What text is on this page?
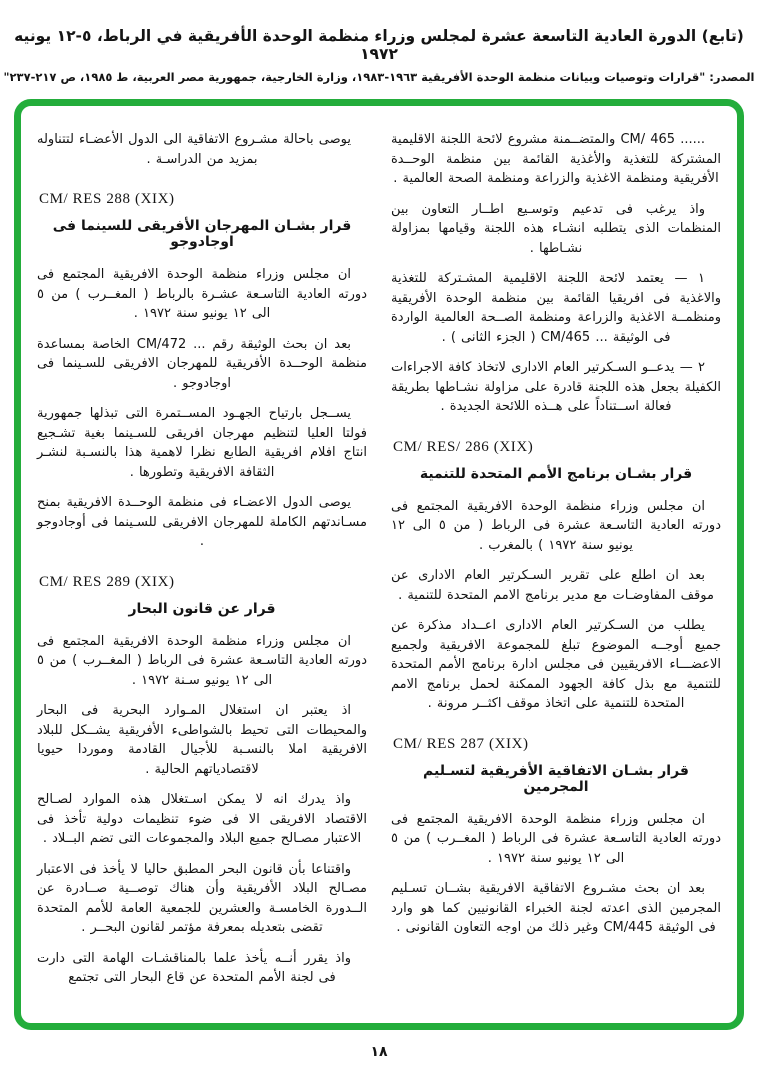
(تابع) الدورة العادية التاسعة عشرة لمجلس وزراء منظمة الوحدة الأفريقية في الرباط، ٥-١٢ يونيه ١٩٧٢
المصدر: "قرارات وتوصيات وبيانات منظمة الوحدة الأفريقية ١٩٦٣-١٩٨٣، وزارة الخارجية، جمهورية مصر العربية، ط ١٩٨٥، ص ٢١٧-٢٣٧"
...... CM/ 465 والمتضــمنة مشروع لائحة اللجنة الاقليمية المشتركة للتغذية والأغذية القائمة بين منظمة الوحــدة الأفريقية ومنظمة الاغذية والزراعة ومنظمة الصحة العالمية .
واذ يرغب فى تدعيم وتوسـيع اطــار التعاون بين المنظمات الذى يتطلبه انشـاء هذه اللجنة وقيامها بمزاولة نشـاطها .
١ — يعتمد لائحة اللجنة الاقليمية المشـتركة للتغذية والاغذية فى افريقيا القائمة بين منظمة الوحدة الأفريقية ومنظمــة الاغذية والزراعة ومنظمة الصــحة العالمية الواردة فى الوثيقة ... CM/465 ( الجزء الثانى ) .
٢ — يدعــو السـكرتير العام الادارى لاتخاذ كافة الاجراءات الكفيلة بجعل هذه اللجنة قادرة على مزاولة نشـاطها بطريقة فعالة اســتناداً على هــذه اللائحة الجديدة .
CM/ RES/ 286 (XIX)
قرار بشـان برنامج الأمم المتحدة للتنمية
ان مجلس وزراء منظمة الوحدة الافريقية المجتمع فى دورته العادية التاسـعة عشرة فى الرباط ( من ٥ الى ١٢ يونيو سنة ١٩٧٢ ) بالمغرب .
بعد ان اطلع على تقرير السـكرتير العام الادارى عن موقف المفاوضـات مع مدير برنامج الامم المتحدة للتنمية .
يطلب من السـكرتير العام الادارى اعــداد مذكرة عن جميع أوجــه الموضوع تبلغ للمجموعة الافريقية ولجميع الاعضـــاء الافريقيين فى مجلس ادارة برنامج الأمم المتحدة للتنمية مع بذل كافة الجهود الممكنة لحمل برنامج الامم المتحدة للتنمية على اتخاذ موقف اكثــر مرونة .
CM/ RES 287 (XIX)
قرار بشـان الاتفاقية الأفريقية لتسـليم المجرمين
ان مجلس وزراء منظمة الوحدة الافريقية المجتمع فى دورته العادية التاسـعة عشرة فى الرباط ( المغــرب ) من ٥ الى ١٢ يونيو سنة ١٩٧٢ .
بعد ان بحث مشـروع الاتفاقية الافريقية بشــان تسـليم المجرمين الذى اعدته لجنة الخبراء القانونيين كما هو وارد فى الوثيقة CM/445 وغير ذلك من اوجه التعاون القانونى .
يوصى باحالة مشـروع الاتفاقية الى الدول الأعضـاء لتتناوله بمزيد من الدراسـة .
CM/ RES 288 (XIX)
قرار بشـان المهرجان الأفريقى للسينما فى اوجادوجو
ان مجلس وزراء منظمة الوحدة الافريقية المجتمع فى دورته العادية التاسـعة عشـرة بالرباط ( المغــرب ) من ٥ الى ١٢ يونيو سنة ١٩٧٢ .
بعد ان بحث الوثيقة رقم ... CM/472 الخاصة بمساعدة منظمة الوحــدة الأفريقية للمهرجان الافريقى للسـينما فى اوجادوجو .
يســجل بارتياح الجهـود المســتمرة التى تبذلها جمهورية فولتا العليا لتنظيم مهرجان افريقى للسـينما بغية تشـجيع انتاج افلام افريقية الطابع نظرا لاهمية هذا بالنسـبة لنشـر الثقافة الافريقية وتطورها .
يوصى الدول الاعضـاء فى منظمة الوحــدة الافريقية بمنح مسـاندتهم الكاملة للمهرجان الافريقى للسـينما فى أوجادوجو .
CM/ RES 289 (XIX)
قرار عن قانون البحار
ان مجلس وزراء منظمة الوحدة الافريقية المجتمع فى دورته العادية التاسـعة عشرة فى الرباط ( المغــرب ) من ٥ الى ١٢ يونيو سـنة ١٩٧٢ .
اذ يعتبر ان استغلال المـوارد البحرية فى البحار والمحيطات التى تحيط بالشواطىء الأفريقية يشــكل للبلاد الافريقية املا بالنسـبة للأجيال القادمة وموردا حيويا لاقتصادياتهم الحالية .
واذ يدرك انه لا يمكن اسـتغلال هذه الموارد لصـالح الاقتصاد الافريقى الا فى ضوء تنظيمات دولية تأخذ فى الاعتبار مصـالح جميع البلاد والمجموعات التى تضم البــلاد .
واقتناعا بأن قانون البحر المطبق حاليا لا يأخذ فى الاعتبار مصـالح البلاد الأفريقية وأن هناك توصــية صــادرة عن الــدورة الخامسـة والعشرين للجمعية العامة للأمم المتحدة تقضى بتعديله بمعرفة مؤتمر لقانون البحــر .
واذ يقرر أنــه يأخذ علما بالمناقشـات الهامة التى دارت فى لجنة الأمم المتحدة عن قاع البحار التى تجتمع
١٨
